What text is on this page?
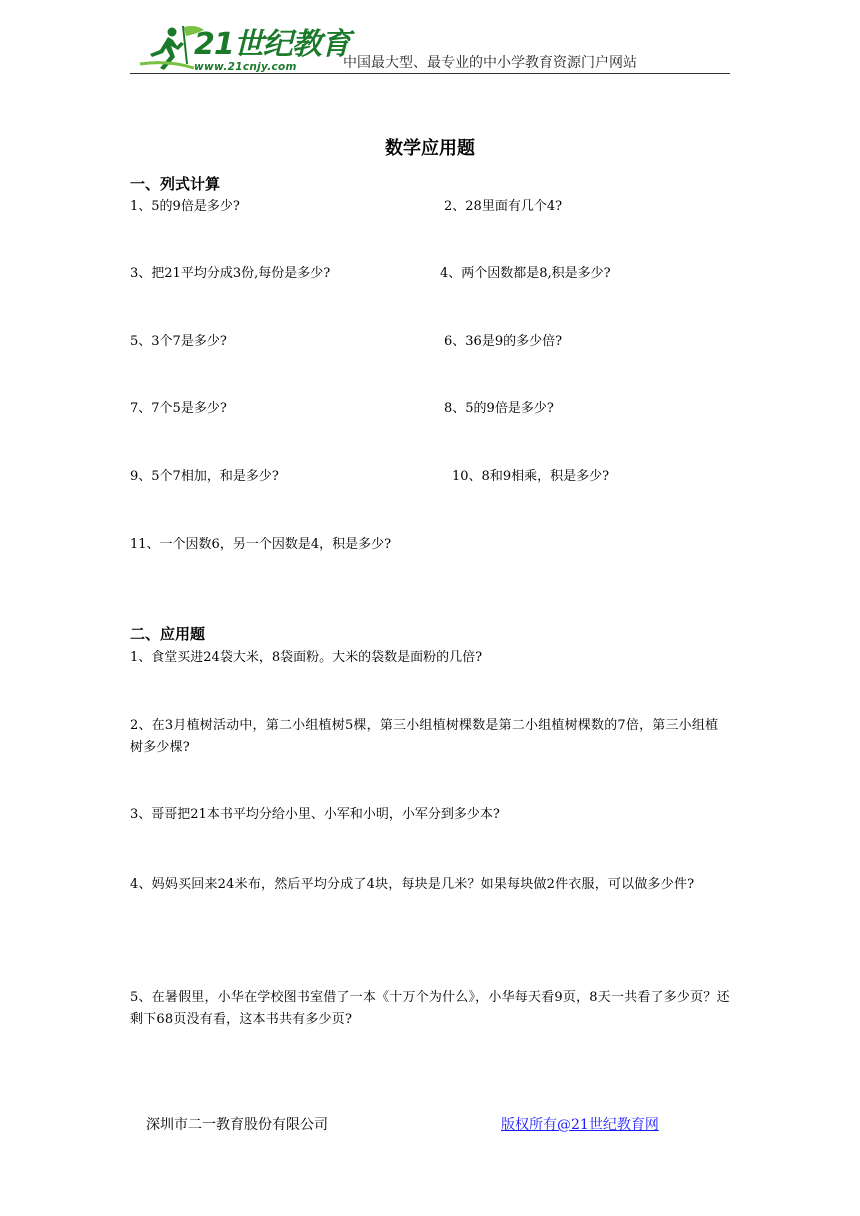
21世纪教育
www.21cnjy.com	中国最大型、最专业的中小学教育资源门户网站
数学应用题
一、列式计算
1、5的9倍是多少?	2、28里面有几个4?
3、把21平均分成3份,每份是多少?	4、两个因数都是8,积是多少?
5、3个7是多少?	6、36是9的多少倍?
7、7个5是多少?	8、5的9倍是多少?
9、5个7相加，和是多少?	10、8和9相乘，积是多少?
11、一个因数6，另一个因数是4，积是多少?
二、应用题
1、食堂买进24袋大米，8袋面粉。大米的袋数是面粉的几倍?
2、在3月植树活动中，第二小组植树5棵，第三小组植树棵数是第二小组植树棵数的7倍，第三小组植树多少棵?
3、哥哥把21本书平均分给小里、小军和小明，小军分到多少本?
4、妈妈买回来24米布，然后平均分成了4块，每块是几米？如果每块做2件衣服，可以做多少件?
5、在暑假里，小华在学校图书室借了一本《十万个为什么》，小华每天看9页，8天一共看了多少页？还剩下68页没有看，这本书共有多少页?
深圳市二一教育股份有限公司	版权所有@21世纪教育网
